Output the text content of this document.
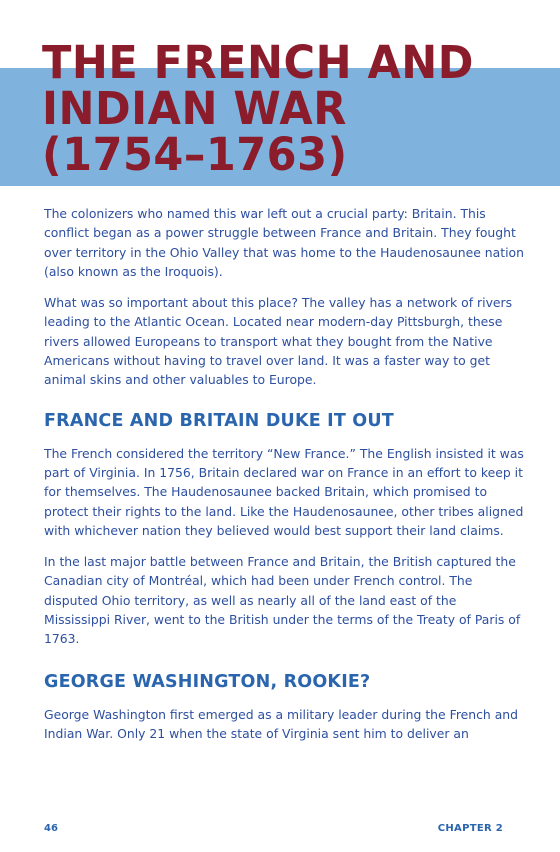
THE FRENCH AND
INDIAN WAR
(1754–1763)

The colonizers who named this war left out a crucial party: Britain. This conflict began as a power struggle between France and Britain. They fought over territory in the Ohio Valley that was home to the Haudenosaunee nation (also known as the Iroquois).

What was so important about this place? The valley has a network of rivers leading to the Atlantic Ocean. Located near modern-day Pittsburgh, these rivers allowed Europeans to transport what they bought from the Native Americans without having to travel over land. It was a faster way to get animal skins and other valuables to Europe.

FRANCE AND BRITAIN DUKE IT OUT

The French considered the territory “New France.” The English insisted it was part of Virginia. In 1756, Britain declared war on France in an effort to keep it for themselves. The Haudenosaunee backed Britain, which promised to protect their rights to the land. Like the Haudenosaunee, other tribes aligned with whichever nation they believed would best support their land claims.

In the last major battle between France and Britain, the British captured the Canadian city of Montréal, which had been under French control. The disputed Ohio territory, as well as nearly all of the land east of the Mississippi River, went to the British under the terms of the Treaty of Paris of 1763.

GEORGE WASHINGTON, ROOKIE?

George Washington first emerged as a military leader during the French and Indian War. Only 21 when the state of Virginia sent him to deliver an

46	CHAPTER 2
